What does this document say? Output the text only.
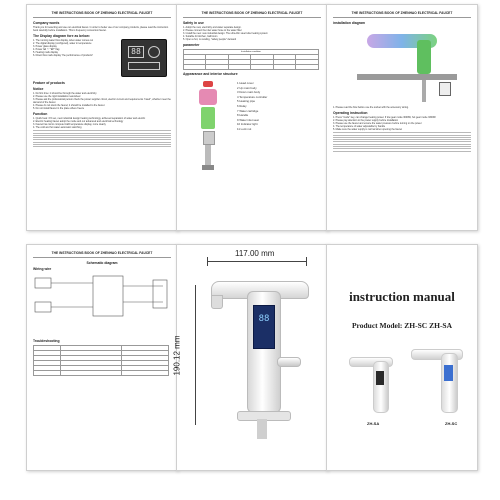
THE INSTRUCTIONS BOOK OF ZHENHAO ELECTRICAL FAUCET
Company words
Thank you for selecting and use our electrical faucet. In order to better use of our company products, please read the instruction book carefully before installation. This is frequency conversion faucet.
The Display diagram fore as below:
1. The running water flow display, when water comes out
2. The digital display (configured), water in temperature
3. Power glass display
4. Power fail "-" "EP" flag
5. Heating mark display
6. Direct flow mark display "the performance of products"	88
Feature of products
Notice
1. Do first time: it should be through the water and electricity
2. Please use the rigid installation real-wheel
3. Please ask the professional person check the power supplier circuit, electric current and requirements "rated", whether meet the demand of the faucet
4. Please do not stuck the faucet; it should be installed to the faucet
5. Do not install faucet in the place where freeze
Function
1. Quick heat: 3-5 sec, new industrial design heating technology, achieved separation of water and electric
2. Electric heating faucet adopt the mode and our advanced and electrical technology
3. Faucet has micro computer LED temperature display, more clearly
4. The cold and hot water automatic switching
THE INSTRUCTIONS BOOK OF ZHENHAO ELECTRICAL FAUCET
Safety in use
1. Adopt the new, electricity and water separate design.
2. Please connect the inlet water hose to the water filter
3. Install the new: new industrial design. The ultra-thin steel tube heating system
4. Suitable for kitchen, bathroom
5. Open a hot, no scaling, "safety people" demand
parameter
Installation condition					

Appearance and interior structure
1 Head cover
2 Up main body
3 Down main body
4 Temperature controller
5 Heating pipe
6 Relay
7 Water cartridge
8 Handle
9 Water inlet seat
10 Indicator light
11 Lock nut
THE INSTRUCTIONS BOOK OF ZHENHAO ELECTRICAL FAUCET
installation diagram
1. Please read the flow before use the socket with the accessory wiring.
Operating instruction
1. Press "mode" key, can change heating power. If low gear mode 3000W, hot gear mode 3300W
2. Please pay attention to the power supply before installation
3. Please use the faucet and ensure the water pressure before turning on the power
4. The temperature of water adjustable by handle
5. Make sure the water supply is normal when opening the faucet
THE INSTRUCTIONS BOOK OF ZHENHAO ELECTRICAL FAUCET
Schematic diagram
Wiring wire
Troubleshooting

117.00 mm
190.12 mm
88
instruction manual
Product Model: ZH-SC ZH-SA
ZH-SA	ZH-SC
